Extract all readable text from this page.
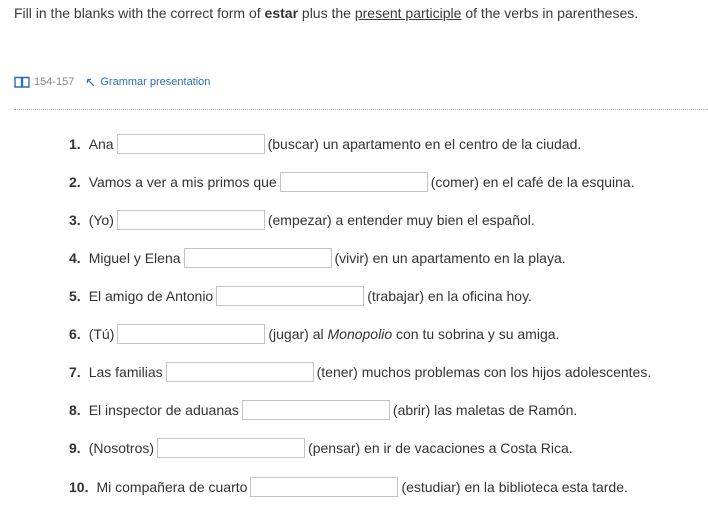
Fill in the blanks with the correct form of estar plus the present participle of the verbs in parentheses.
154-157 Grammar presentation
1. Ana	(buscar) un apartamento en el centro de la ciudad.
2. Vamos a ver a mis primos que	(comer) en el café de la esquina.
3. (Yo)	(empezar) a entender muy bien el español.
4. Miguel y Elena	(vivir) en un apartamento en la playa.
5. El amigo de Antonio	(trabajar) en la oficina hoy.
6. (Tú)	(jugar) al
Monopolio con tu sobrina y su amiga.
7. Las familias	(tener) muchos problemas con los hijos adolescentes.
8. El inspector de aduanas	(abrir) las maletas de Ramón.
9. (Nosotros)	(pensar) en ir de vacaciones a Costa Rica.
10. Mi compañera de cuarto	(estudiar) en la biblioteca esta tarde.
